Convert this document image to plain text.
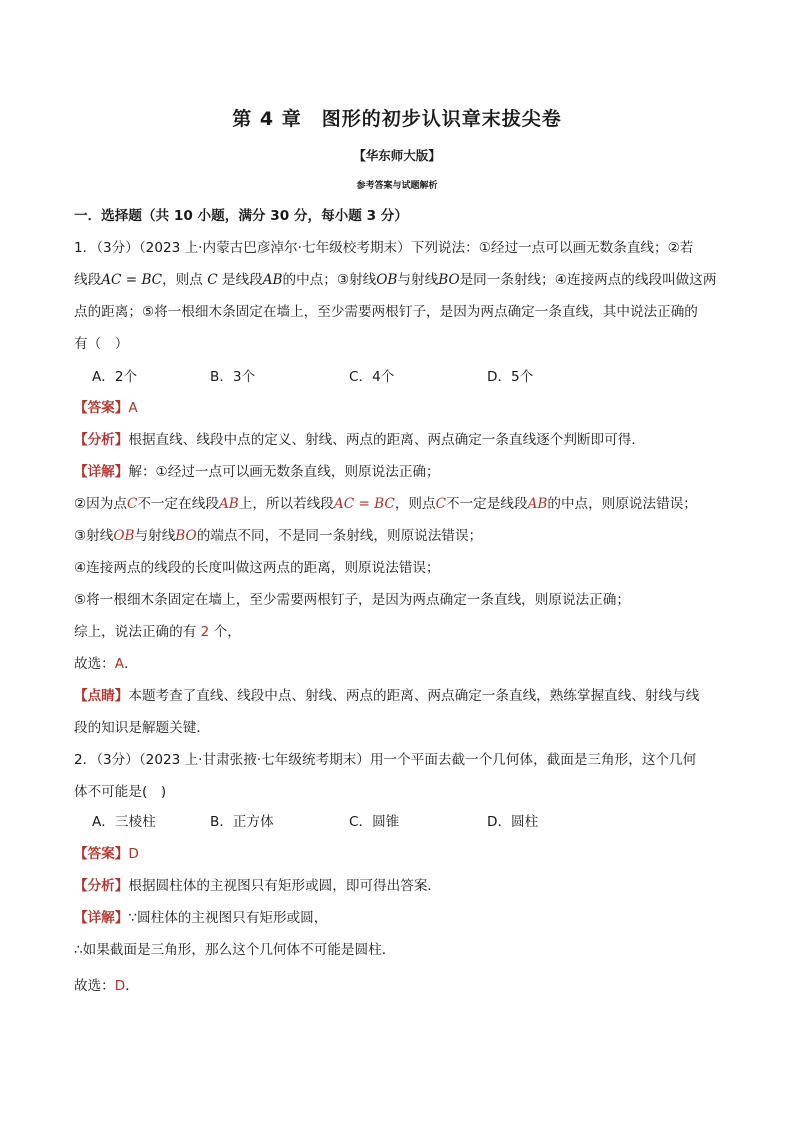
第 4 章　图形的初步认识章末拔尖卷
【华东师大版】
参考答案与试题解析
一．选择题（共 10 小题，满分 30 分，每小题 3 分）
1．（3分）（2023 上·内蒙古巴彦淖尔·七年级校考期末）下列说法：①经过一点可以画无数条直线；②若
线段AC = BC，则点 C 是线段AB的中点；③射线OB与射线BO是同一条射线；④连接两点的线段叫做这两
点的距离；⑤将一根细木条固定在墙上，至少需要两根钉子，是因为两点确定一条直线，其中说法正确的
有（　）
A．2个	B．3个	C．4个	D．5个
【答案】A
【分析】根据直线、线段中点的定义、射线、两点的距离、两点确定一条直线逐个判断即可得．
【详解】解：①经过一点可以画无数条直线，则原说法正确；
②因为点C不一定在线段AB上，所以若线段AC = BC，则点C不一定是线段AB的中点，则原说法错误；
③射线OB与射线BO的端点不同，不是同一条射线，则原说法错误；
④连接两点的线段的长度叫做这两点的距离，则原说法错误；
⑤将一根细木条固定在墙上，至少需要两根钉子，是因为两点确定一条直线，则原说法正确；
综上，说法正确的有 2 个，
故选：A．
【点睛】本题考查了直线、线段中点、射线、两点的距离、两点确定一条直线，熟练掌握直线、射线与线
段的知识是解题关键．
2．（3分）（2023 上·甘肃张掖·七年级统考期末）用一个平面去截一个几何体，截面是三角形，这个几何
体不可能是(　)
A．三棱柱	B．正方体	C．圆锥	D．圆柱
【答案】D
【分析】根据圆柱体的主视图只有矩形或圆，即可得出答案．
【详解】∵圆柱体的主视图只有矩形或圆，
∴如果截面是三角形，那么这个几何体不可能是圆柱．
故选：D．
